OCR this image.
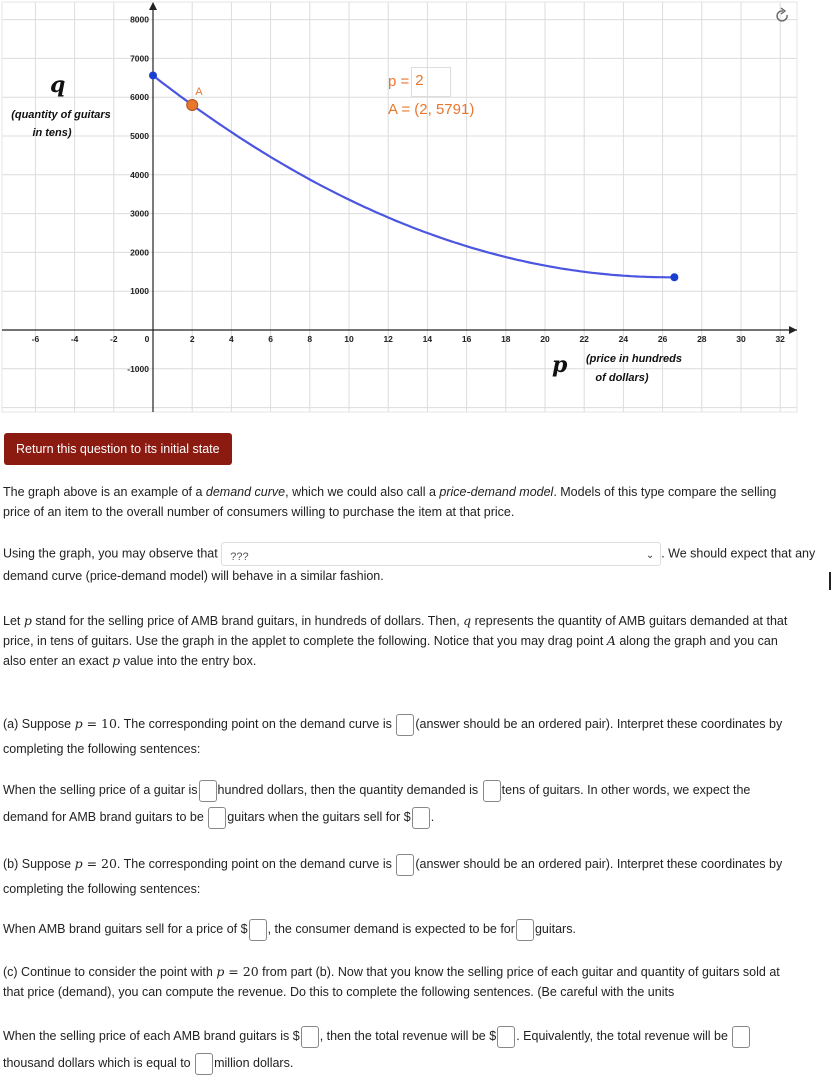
-6	-4	-2	0	2	4	6	8	10	12	14	16	18	20	22	24	26	28	30	32
8000
7000
6000
5000
4000
3000
2000
1000
-1000
A
q
(quantity of guitars
in tens)
p	(price in hundreds
of dollars)
p = 2
A = (2, 5791)
Return this question to its initial state

The graph above is an example of a demand curve, which we could also call a price-demand model. Models of this type compare the selling
price of an item to the overall number of consumers willing to purchase the item at that price.

Using the graph, you may observe that ???	⌄ . We should expect that any
demand curve (price-demand model) will behave in a similar fashion.

Let p stand for the selling price of AMB brand guitars, in hundreds of dollars. Then, q represents the quantity of AMB guitars demanded at that
price, in tens of guitars. Use the graph in the applet to complete the following. Notice that you may drag point A along the graph and you can
also enter an exact p value into the entry box.

(a) Suppose p = 10. The corresponding point on the demand curve is (answer should be an ordered pair). Interpret these coordinates by
completing the following sentences:

When the selling price of a guitar is hundred dollars, then the quantity demanded is tens of guitars. In other words, we expect the
demand for AMB brand guitars to be guitars when the guitars sell for $ .

(b) Suppose p = 20. The corresponding point on the demand curve is (answer should be an ordered pair). Interpret these coordinates by
completing the following sentences:

When AMB brand guitars sell for a price of $ , the consumer demand is expected to be for guitars.

(c) Continue to consider the point with p = 20 from part (b). Now that you know the selling price of each guitar and quantity of guitars sold at
that price (demand), you can compute the revenue. Do this to complete the following sentences. (Be careful with the units

When the selling price of each AMB brand guitars is $ , then the total revenue will be $ . Equivalently, the total revenue will be
thousand dollars which is equal to million dollars.
